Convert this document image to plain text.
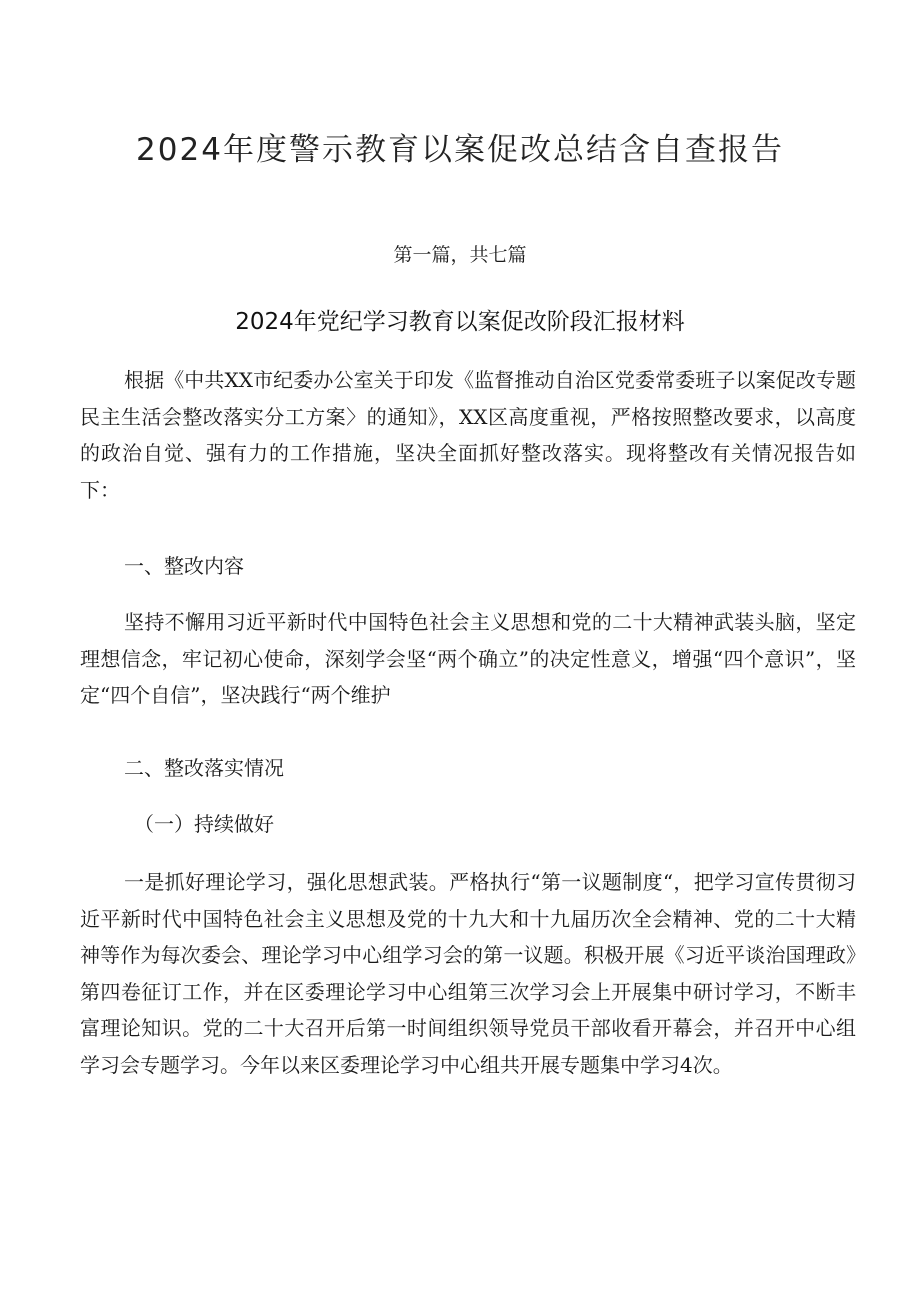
2024年度警示教育以案促改总结含自查报告

第一篇，共七篇

2024年党纪学习教育以案促改阶段汇报材料

根据《中共XX市纪委办公室关于印发《监督推动自治区党委常委班子以案促改专题民主生活会整改落实分工方案〉的通知》，XX区高度重视，严格按照整改要求，以高度的政治自觉、强有力的工作措施，坚决全面抓好整改落实。现将整改有关情况报告如下：

一、整改内容

坚持不懈用习近平新时代中国特色社会主义思想和党的二十大精神武装头脑，坚定理想信念，牢记初心使命，深刻学会坚“两个确立”的决定性意义，增强“四个意识”，坚定“四个自信”，坚决践行“两个维护

二、整改落实情况

（一）持续做好

一是抓好理论学习，强化思想武装。严格执行“第一议题制度“，把学习宣传贯彻习近平新时代中国特色社会主义思想及党的十九大和十九届历次全会精神、党的二十大精神等作为每次委会、理论学习中心组学习会的第一议题。积极开展《习近平谈治国理政》第四卷征订工作，并在区委理论学习中心组第三次学习会上开展集中研讨学习，不断丰富理论知识。党的二十大召开后第一时间组织领导党员干部收看开幕会，并召开中心组学习会专题学习。今年以来区委理论学习中心组共开展专题集中学习4次。
